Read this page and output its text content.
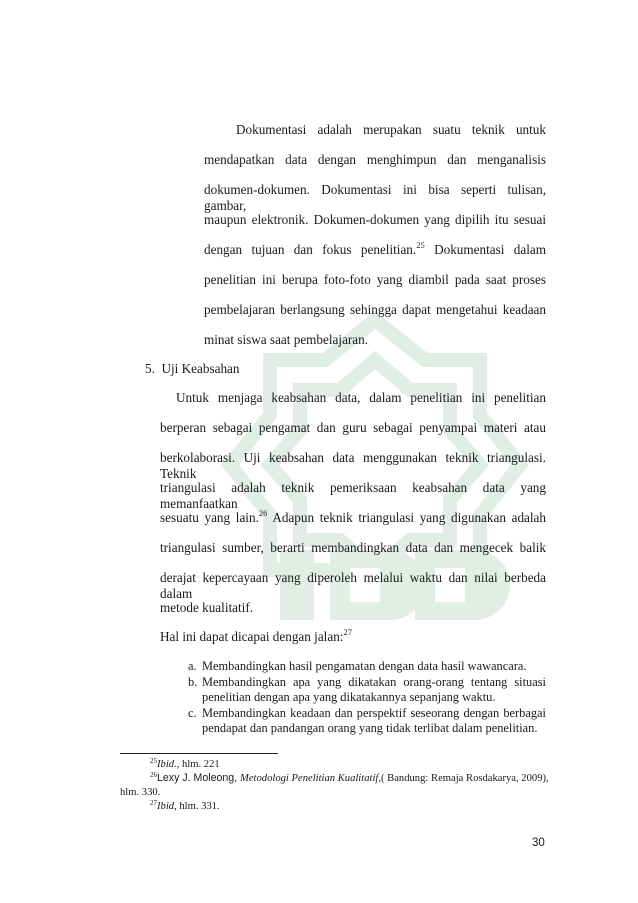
Dokumentasi adalah merupakan suatu teknik untuk
mendapatkan data dengan menghimpun dan menganalisis
dokumen-dokumen. Dokumentasi ini bisa seperti tulisan, gambar,
maupun elektronik. Dokumen-dokumen yang dipilih itu sesuai
dengan tujuan dan fokus penelitian.$^{25}$ Dokumentasi dalam
penelitian ini berupa foto-foto yang diambil pada saat proses
pembelajaran berlangsung sehingga dapat mengetahui keadaan
minat siswa saat pembelajaran.
5. Uji Keabsahan
Untuk menjaga keabsahan data, dalam penelitian ini penelitian
berperan sebagai pengamat dan guru sebagai penyampai materi atau
berkolaborasi. Uji keabsahan data menggunakan teknik triangulasi. Teknik
triangulasi adalah teknik pemeriksaan keabsahan data yang memanfaatkan
sesuatu yang lain.$^{26}$ Adapun teknik triangulasi yang digunakan adalah
triangulasi sumber, berarti membandingkan data dan mengecek balik
derajat kepercayaan yang diperoleh melalui waktu dan nilai berbeda dalam
metode kualitatif.
Hal ini dapat dicapai dengan jalan:$^{27}$
a. Membandingkan hasil pengamatan dengan data hasil wawancara.
b. Membandingkan apa yang dikatakan orang-orang tentang situasi penelitian dengan apa yang dikatakannya sepanjang waktu.
c. Membandingkan keadaan dan perspektif seseorang dengan berbagai pendapat dan pandangan orang yang tidak terlibat dalam penelitian.
$^{25}$Ibid., hlm. 221
$^{26}$Lexy J. Moleong, Metodologi Penelitian Kualitatif,( Bandung: Remaja Rosdakarya, 2009),
hlm. 330.
$^{27}$Ibid, hlm. 331.
30
